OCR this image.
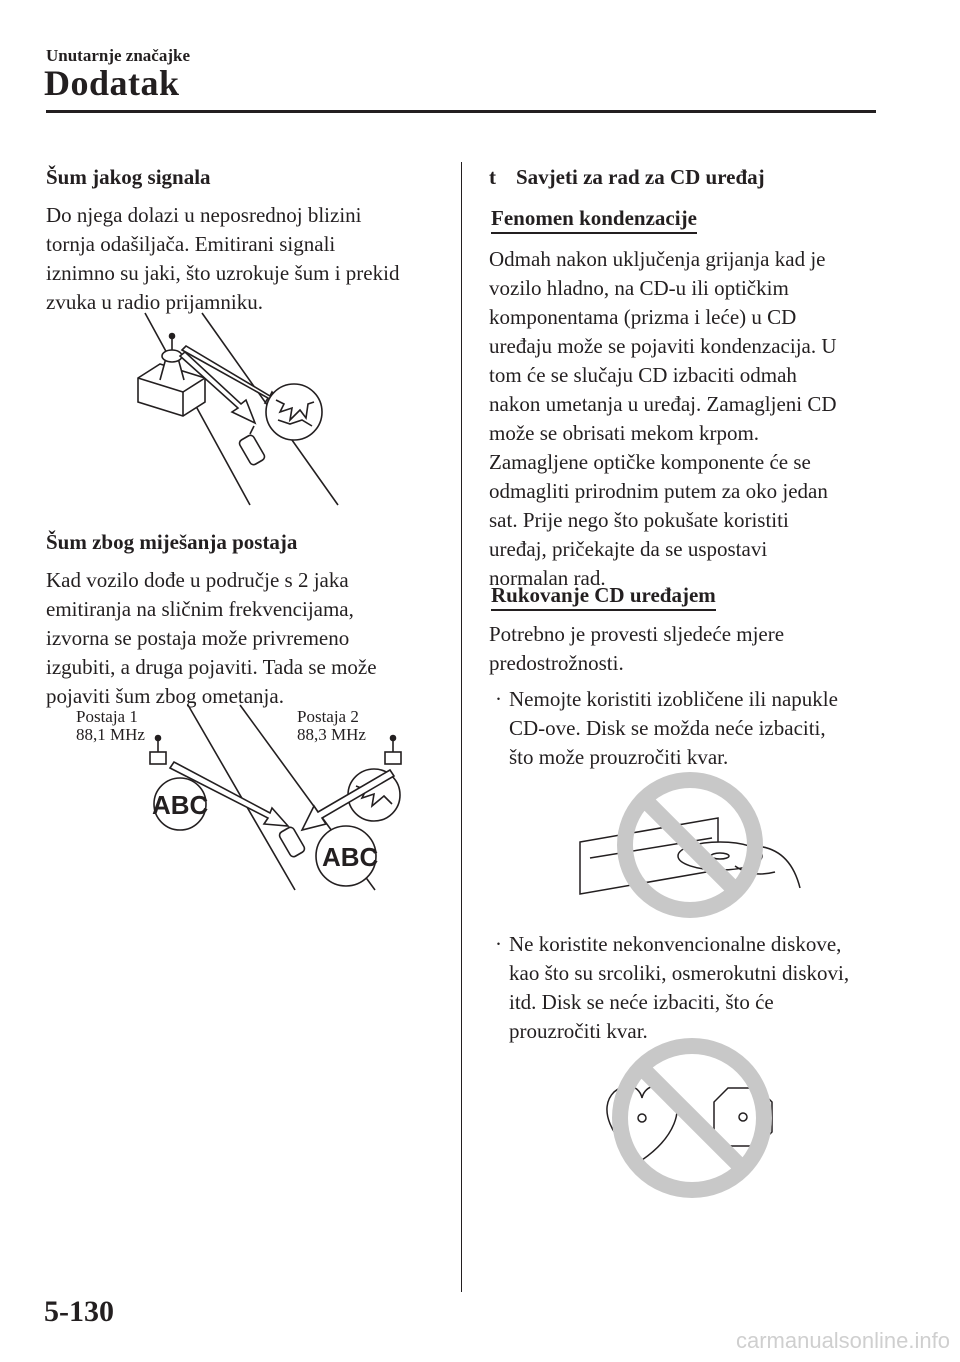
Unutarnje značajke
Dodatak
Šum jakog signala
Do njega dolazi u neposrednoj blizini
tornja odašiljača. Emitirani signali
iznimno su jaki, što uzrokuje šum i prekid
zvuka u radio prijamniku.
Šum zbog miješanja postaja
Kad vozilo dođe u područje s 2 jaka
emitiranja na sličnim frekvencijama,
izvorna se postaja može privremeno
izgubiti, a druga pojaviti. Tada se može
pojaviti šum zbog ometanja.
Postaja 1
88,1 MHz
Postaja 2
88,3 MHz
ABC
ABC
t Savjeti za rad za CD uređaj
Fenomen kondenzacije
Odmah nakon uključenja grijanja kad je
vozilo hladno, na CD-u ili optičkim
komponentama (prizma i leće) u CD
uređaju može se pojaviti kondenzacija. U
tom će se slučaju CD izbaciti odmah
nakon umetanja u uređaj. Zamagljeni CD
može se obrisati mekom krpom.
Zamagljene optičke komponente će se
odmagliti prirodnim putem za oko jedan
sat. Prije nego što pokušate koristiti
uređaj, pričekajte da se uspostavi
normalan rad.
Rukovanje CD uređajem
Potrebno je provesti sljedeće mjere
predostrožnosti.
· Nemojte koristiti izobličene ili napukle
CD-ove. Disk se možda neće izbaciti,
što može prouzročiti kvar.
· Ne koristite nekonvencionalne diskove,
kao što su srcoliki, osmerokutni diskovi,
itd. Disk se neće izbaciti, što će
prouzročiti kvar.
5-130
carmanualsonline.info
